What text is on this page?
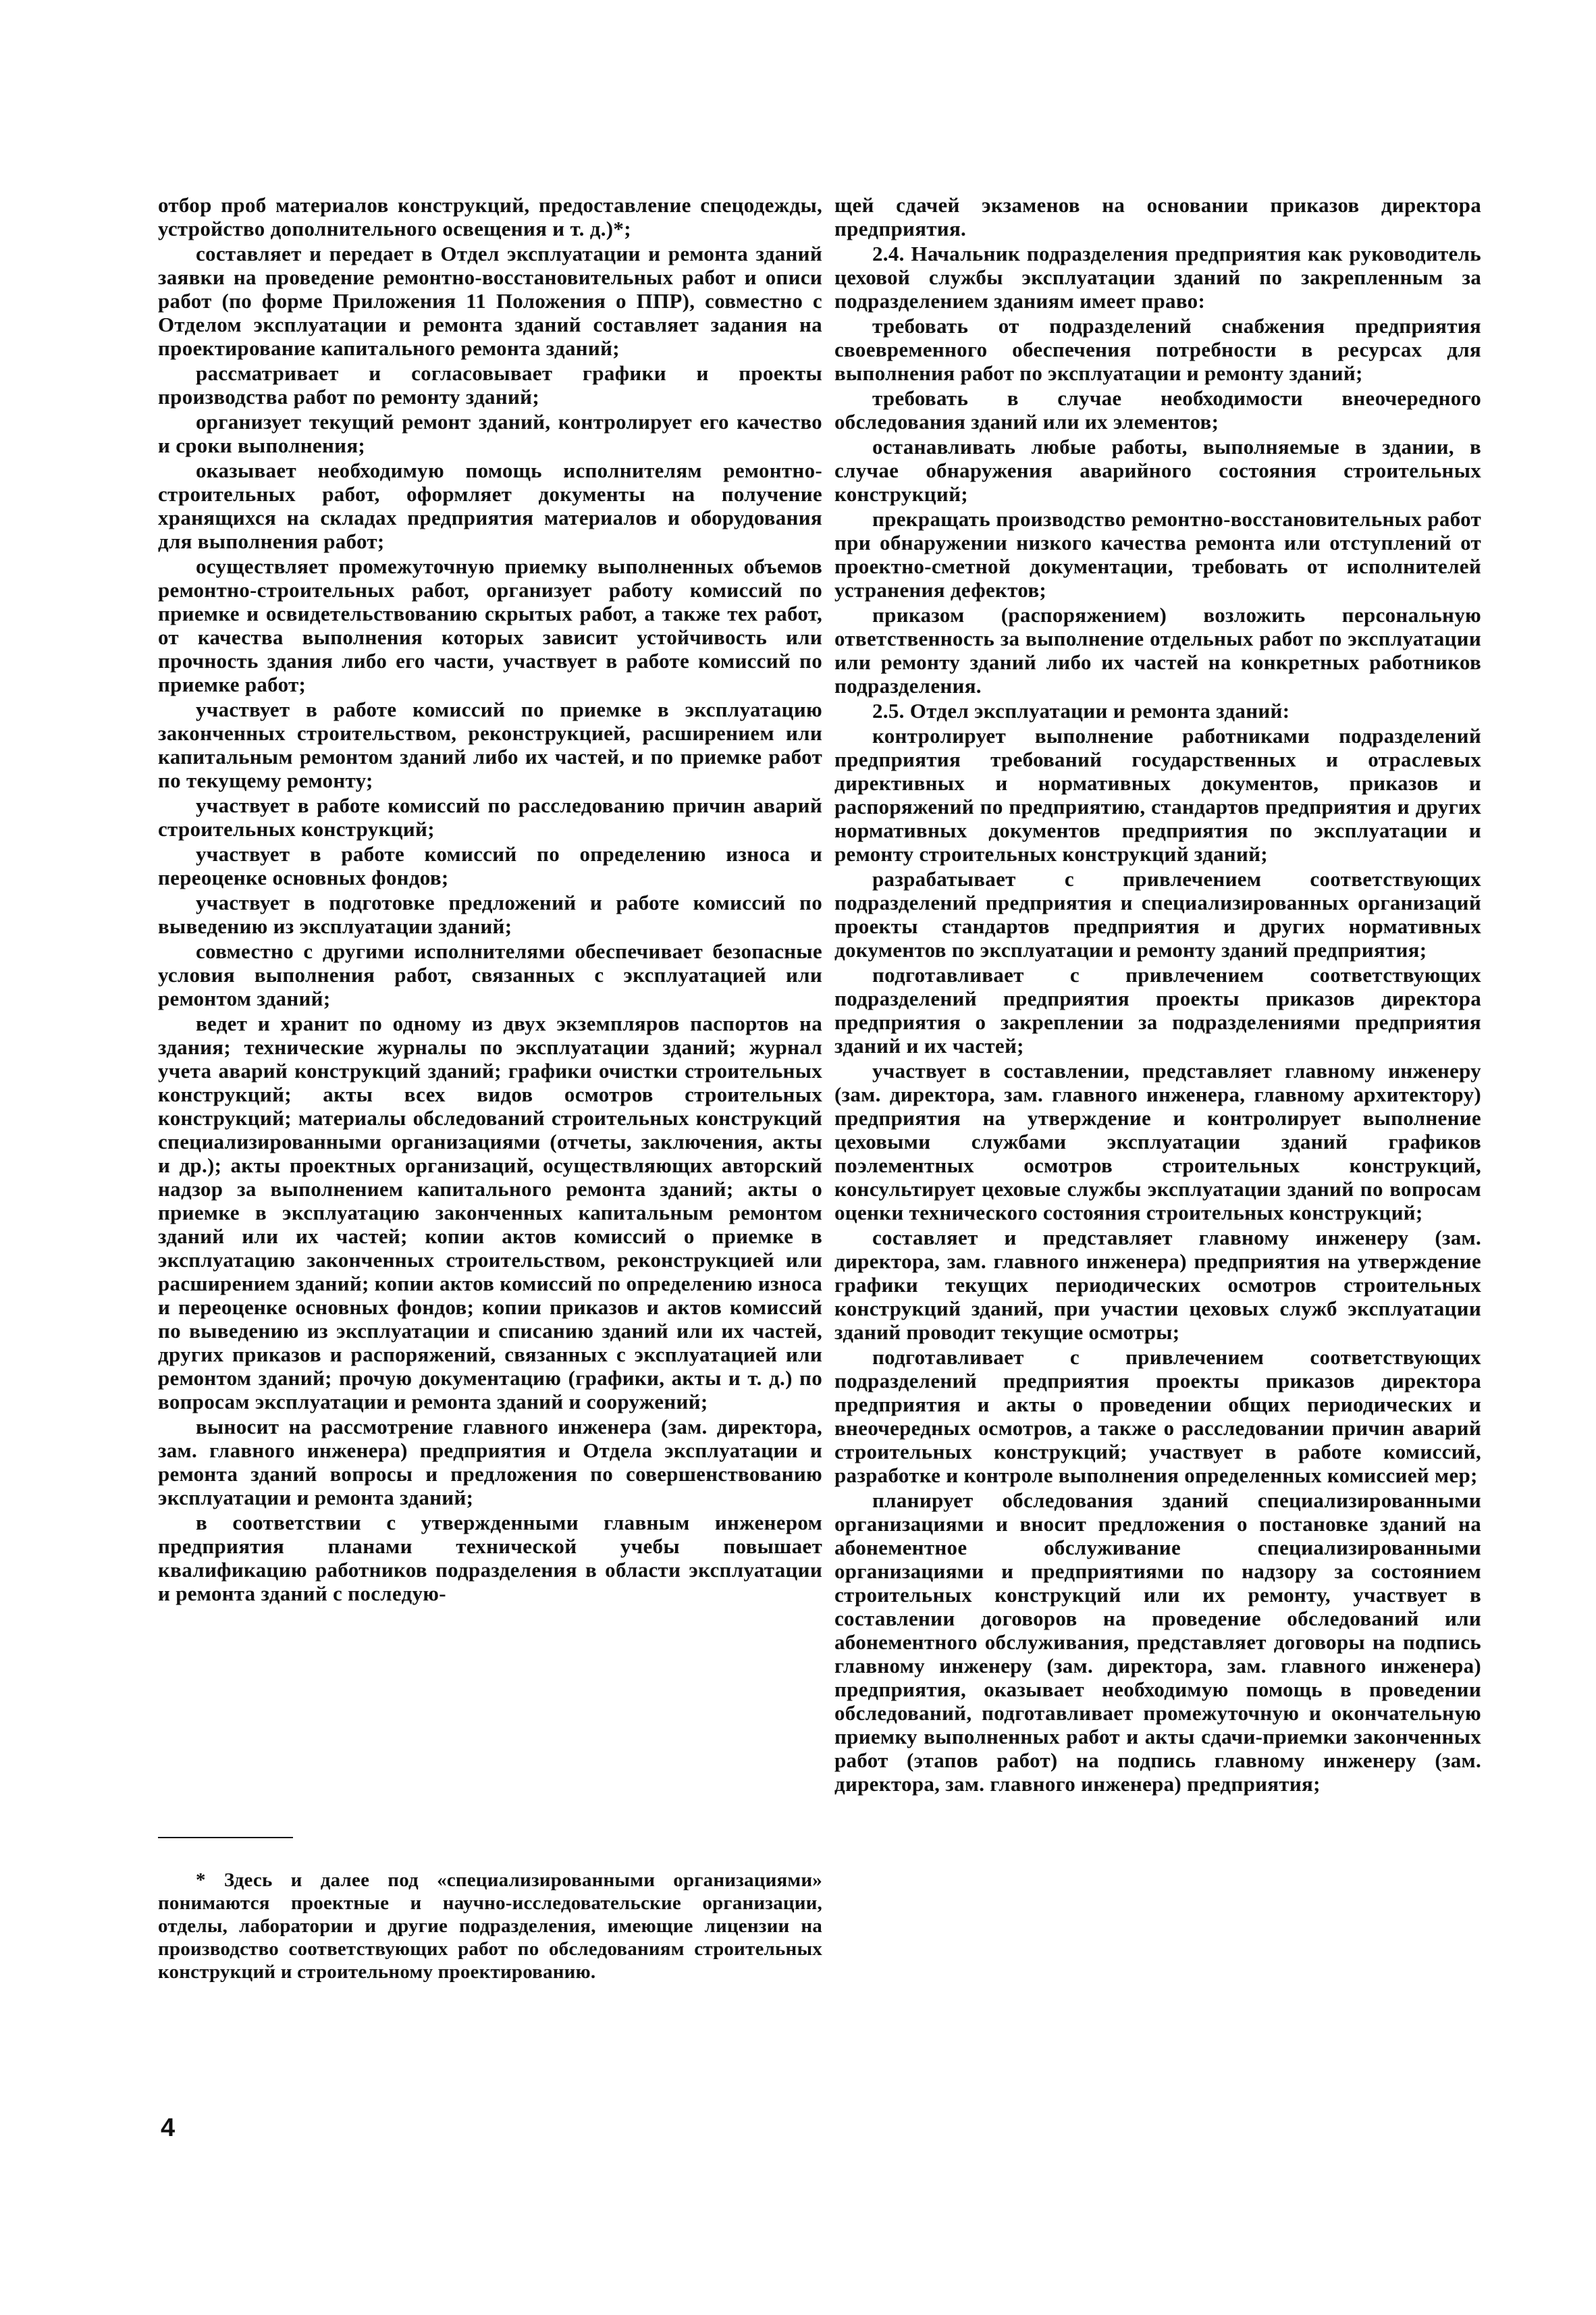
отбор проб материалов конструкций, предоставление спецодежды, устройство дополнительного освещения и т. д.)*;

составляет и передает в Отдел эксплуатации и ремонта зданий заявки на проведение ремонтно-восстановительных работ и описи работ (по форме Приложения 11 Положения о ППР), совместно с Отделом эксплуатации и ремонта зданий составляет задания на проектирование капитального ремонта зданий;

рассматривает и согласовывает графики и проекты производства работ по ремонту зданий;

организует текущий ремонт зданий, контролирует его качество и сроки выполнения;

оказывает необходимую помощь исполнителям ремонтно-строительных работ, оформляет документы на получение хранящихся на складах предприятия материалов и оборудования для выполнения работ;

осуществляет промежуточную приемку выполненных объемов ремонтно-строительных работ, организует работу комиссий по приемке и освидетельствованию скрытых работ, а также тех работ, от качества выполнения которых зависит устойчивость или прочность здания либо его части, участвует в работе комиссий по приемке работ;

участвует в работе комиссий по приемке в эксплуатацию законченных строительством, реконструкцией, расширением или капитальным ремонтом зданий либо их частей, и по приемке работ по текущему ремонту;

участвует в работе комиссий по расследованию причин аварий строительных конструкций;

участвует в работе комиссий по определению износа и переоценке основных фондов;

участвует в подготовке предложений и работе комиссий по выведению из эксплуатации зданий;

совместно с другими исполнителями обеспечивает безопасные условия выполнения работ, связанных с эксплуатацией или ремонтом зданий;

ведет и хранит по одному из двух экземпляров паспортов на здания; технические журналы по эксплуатации зданий; журнал учета аварий конструкций зданий; графики очистки строительных конструкций; акты всех видов осмотров строительных конструкций; материалы обследований строительных конструкций специализированными организациями (отчеты, заключения, акты и др.); акты проектных организаций, осуществляющих авторский надзор за выполнением капитального ремонта зданий; акты о приемке в эксплуатацию законченных капитальным ремонтом зданий или их частей; копии актов комиссий о приемке в эксплуатацию законченных строительством, реконструкцией или расширением зданий; копии актов комиссий по определению износа и переоценке основных фондов; копии приказов и актов комиссий по выведению из эксплуатации и списанию зданий или их частей, других приказов и распоряжений, связанных с эксплуатацией или ремонтом зданий; прочую документацию (графики, акты и т. д.) по вопросам эксплуатации и ремонта зданий и сооружений;

выносит на рассмотрение главного инженера (зам. директора, зам. главного инженера) предприятия и Отдела эксплуатации и ремонта зданий вопросы и предложения по совершенствованию эксплуатации и ремонта зданий;

в соответствии с утвержденными главным инженером предприятия планами технической учебы повышает квалификацию работников подразделения в области эксплуатации и ремонта зданий с последую-

* Здесь и далее под «специализированными организациями» понимаются проектные и научно-исследовательские организации, отделы, лаборатории и другие подразделения, имеющие лицензии на производство соответствующих работ по обследованиям строительных конструкций и строительному проектированию.

4

щей сдачей экзаменов на основании приказов директора предприятия.

2.4. Начальник подразделения предприятия как руководитель цеховой службы эксплуатации зданий по закрепленным за подразделением зданиям имеет право:

требовать от подразделений снабжения предприятия своевременного обеспечения потребности в ресурсах для выполнения работ по эксплуатации и ремонту зданий;

требовать в случае необходимости внеочередного обследования зданий или их элементов;

останавливать любые работы, выполняемые в здании, в случае обнаружения аварийного состояния строительных конструкций;

прекращать производство ремонтно-восстановительных работ при обнаружении низкого качества ремонта или отступлений от проектно-сметной документации, требовать от исполнителей устранения дефектов;

приказом (распоряжением) возложить персональную ответственность за выполнение отдельных работ по эксплуатации или ремонту зданий либо их частей на конкретных работников подразделения.

2.5. Отдел эксплуатации и ремонта зданий:

контролирует выполнение работниками подразделений предприятия требований государственных и отраслевых директивных и нормативных документов, приказов и распоряжений по предприятию, стандартов предприятия и других нормативных документов предприятия по эксплуатации и ремонту строительных конструкций зданий;

разрабатывает с привлечением соответствующих подразделений предприятия и специализированных организаций проекты стандартов предприятия и других нормативных документов по эксплуатации и ремонту зданий предприятия;

подготавливает с привлечением соответствующих подразделений предприятия проекты приказов директора предприятия о закреплении за подразделениями предприятия зданий и их частей;

участвует в составлении, представляет главному инженеру (зам. директора, зам. главного инженера, главному архитектору) предприятия на утверждение и контролирует выполнение цеховыми службами эксплуатации зданий графиков поэлементных осмотров строительных конструкций, консультирует цеховые службы эксплуатации зданий по вопросам оценки технического состояния строительных конструкций;

составляет и представляет главному инженеру (зам. директора, зам. главного инженера) предприятия на утверждение графики текущих периодических осмотров строительных конструкций зданий, при участии цеховых служб эксплуатации зданий проводит текущие осмотры;

подготавливает с привлечением соответствующих подразделений предприятия проекты приказов директора предприятия и акты о проведении общих периодических и внеочередных осмотров, а также о расследовании причин аварий строительных конструкций; участвует в работе комиссий, разработке и контроле выполнения определенных комиссией мер;

планирует обследования зданий специализированными организациями и вносит предложения о постановке зданий на абонементное обслуживание специализированными организациями и предприятиями по надзору за состоянием строительных конструкций или их ремонту, участвует в составлении договоров на проведение обследований или абонементного обслуживания, представляет договоры на подпись главному инженеру (зам. директора, зам. главного инженера) предприятия, оказывает необходимую помощь в проведении обследований, подготавливает промежуточную и окончательную приемку выполненных работ и акты сдачи-приемки законченных работ (этапов работ) на подпись главному инженеру (зам. директора, зам. главного инженера) предприятия;
